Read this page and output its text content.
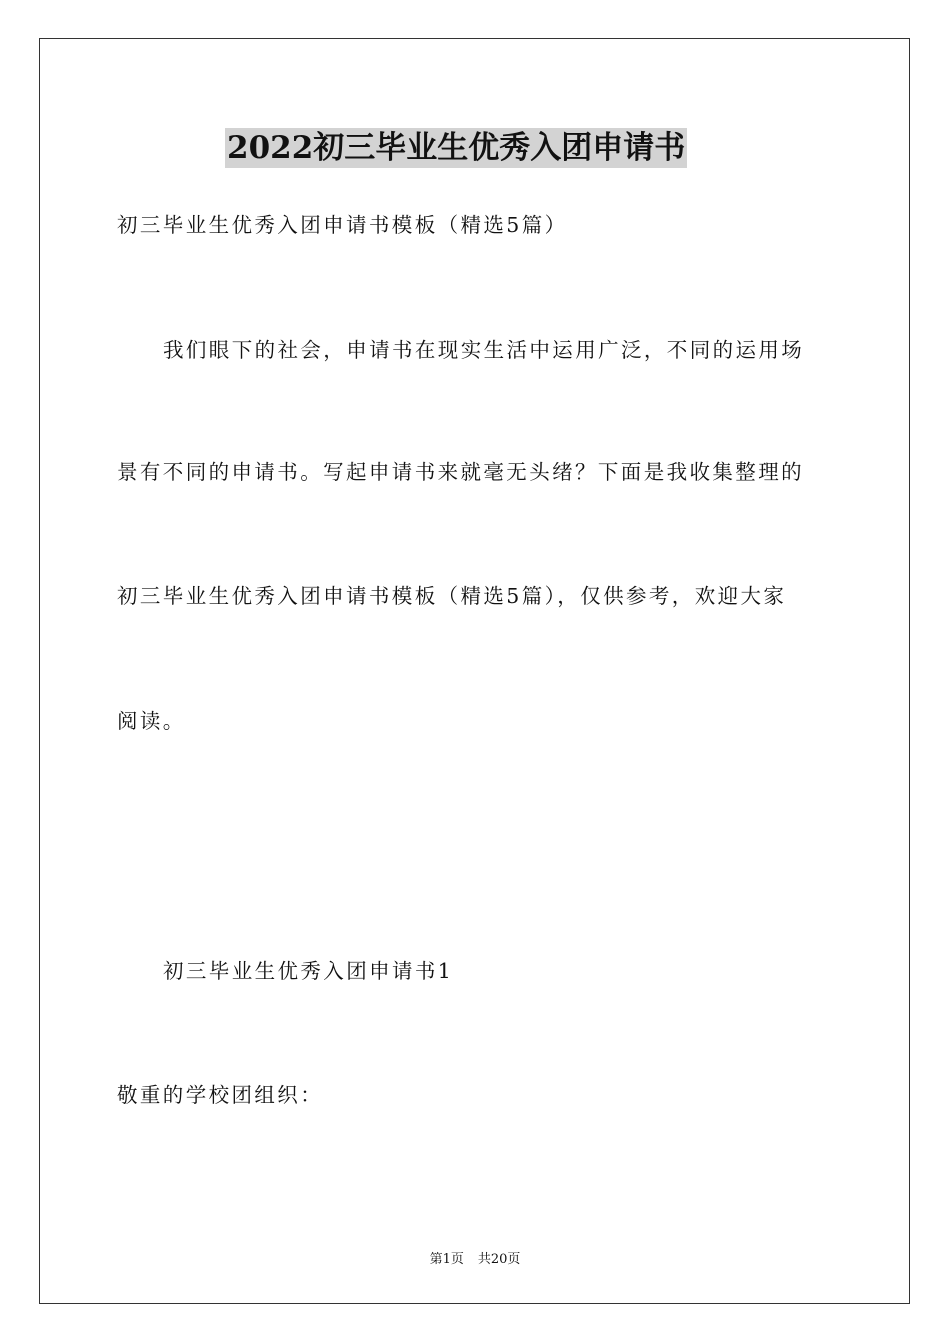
2022初三毕业生优秀入团申请书
初三毕业生优秀入团申请书模板（精选5篇）
我们眼下的社会，申请书在现实生活中运用广泛，不同的运用场
景有不同的申请书。写起申请书来就毫无头绪？下面是我收集整理的
初三毕业生优秀入团申请书模板（精选5篇），仅供参考，欢迎大家
阅读。
初三毕业生优秀入团申请书1
敬重的学校团组织：
第1页 共20页
